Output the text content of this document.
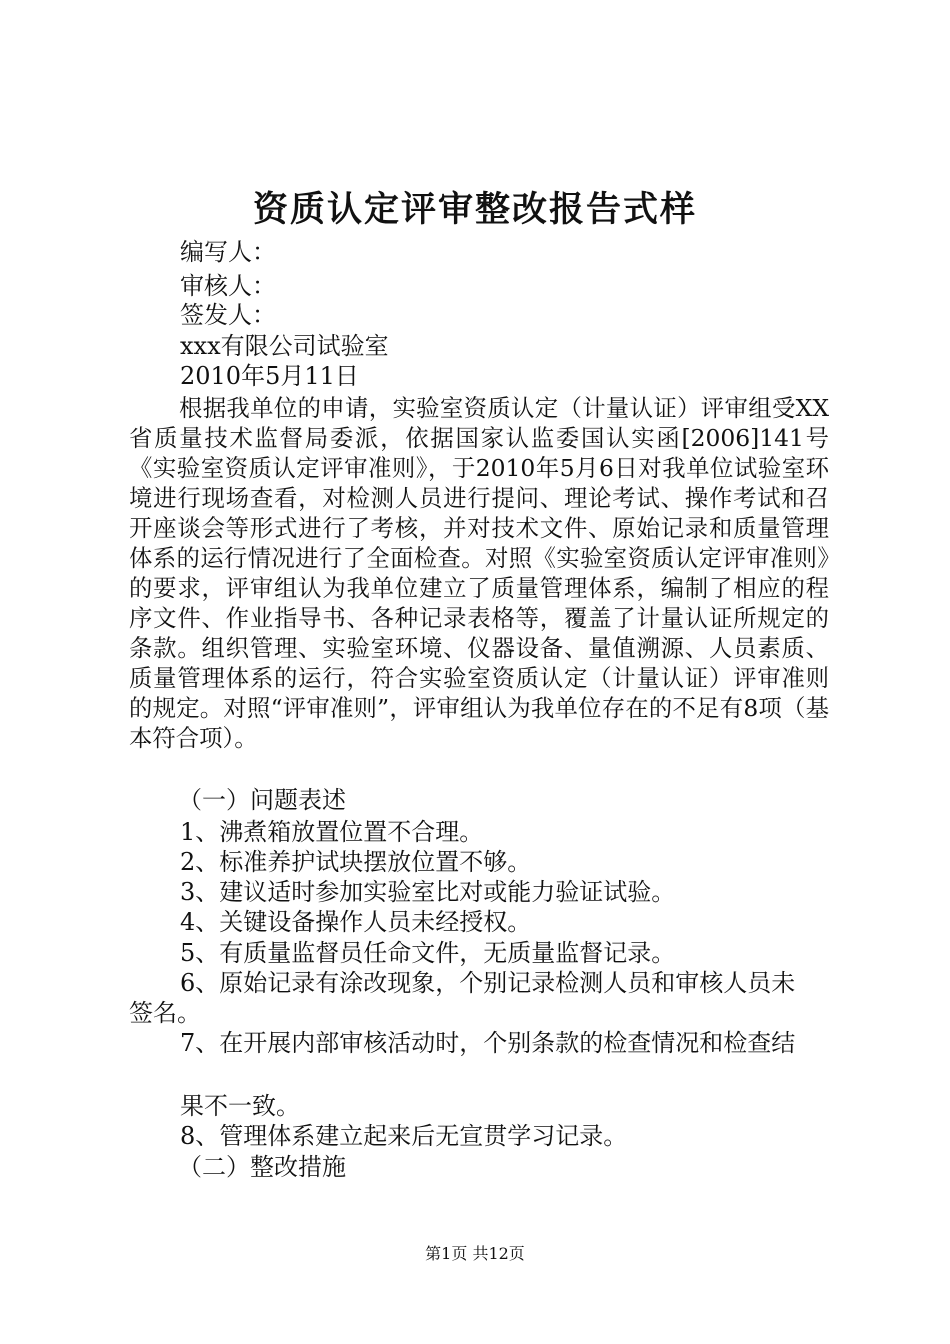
资质认定评审整改报告式样
编写人：
审核人：
签发人：
xxx有限公司试验室
2010年5月11日
根据我单位的申请，实验室资质认定（计量认证）评审组受XX省质量技术监督局委派，依据国家认监委国认实函[2006]141号《实验室资质认定评审准则》，于2010年5月6日对我单位试验室环境进行现场查看，对检测人员进行提问、理论考试、操作考试和召开座谈会等形式进行了考核，并对技术文件、原始记录和质量管理体系的运行情况进行了全面检查。对照《实验室资质认定评审准则》的要求，评审组认为我单位建立了质量管理体系，编制了相应的程序文件、作业指导书、各种记录表格等，覆盖了计量认证所规定的条款。组织管理、实验室环境、仪器设备、量值溯源、人员素质、质量管理体系的运行，符合实验室资质认定（计量认证）评审准则的规定。对照“评审准则”，评审组认为我单位存在的不足有8项（基本符合项）。
（一）问题表述
1、沸煮箱放置位置不合理。
2、标准养护试块摆放位置不够。
3、建议适时参加实验室比对或能力验证试验。
4、关键设备操作人员未经授权。
5、有质量监督员任命文件，无质量监督记录。
6、原始记录有涂改现象，个别记录检测人员和审核人员未
签名。
7、在开展内部审核活动时，个别条款的检查情况和检查结
果不一致。
8、管理体系建立起来后无宣贯学习记录。
（二）整改措施
第1页 共12页
